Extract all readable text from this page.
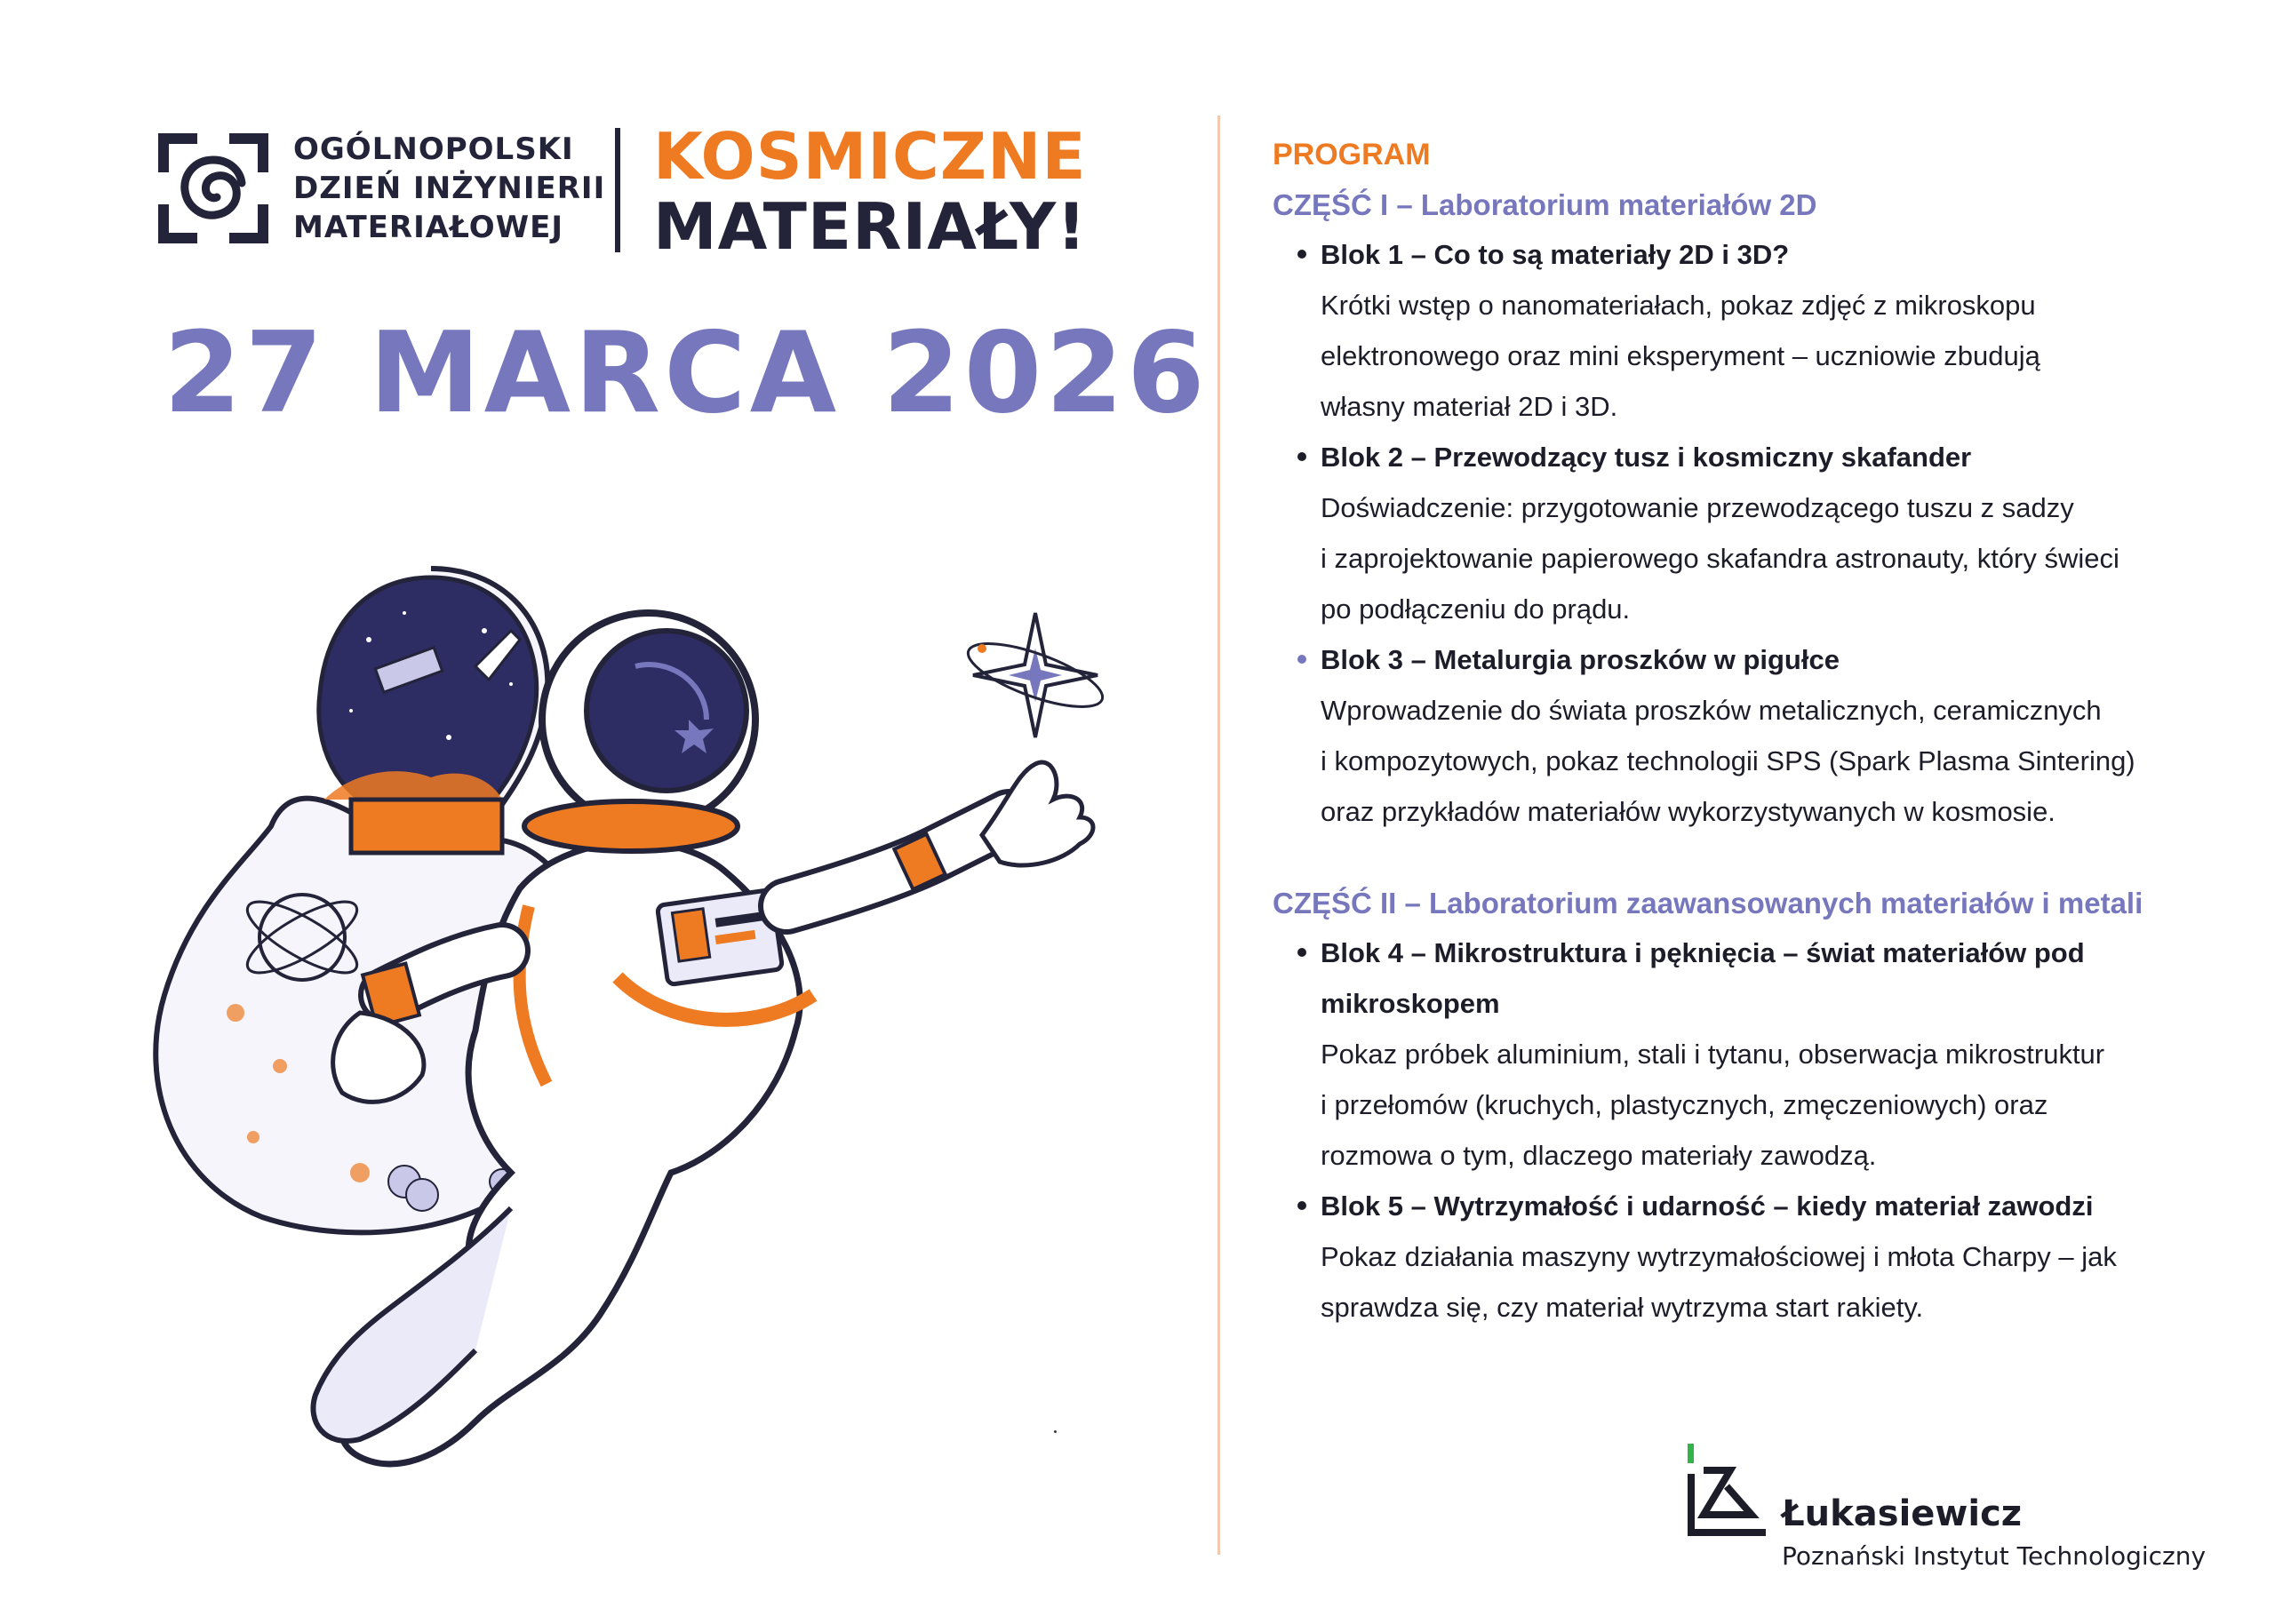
OGÓLNOPOLSKI
DZIEŃ INŻYNIERII
MATERIAŁOWEJ
KOSMICZNE
MATERIAŁY!
27 MARCA 2026
PROGRAM
CZĘŚĆ I – Laboratorium materiałów 2D
Blok 1 – Co to są materiały 2D i 3D?
Krótki wstęp o nanomateriałach, pokaz zdjęć z mikroskopu
elektronowego oraz mini eksperyment – uczniowie zbudują
własny materiał 2D i 3D.
Blok 2 – Przewodzący tusz i kosmiczny skafander
Doświadczenie: przygotowanie przewodzącego tuszu z sadzy
i zaprojektowanie papierowego skafandra astronauty, który świeci
po podłączeniu do prądu.
Blok 3 – Metalurgia proszków w pigułce
Wprowadzenie do świata proszków metalicznych, ceramicznych
i kompozytowych, pokaz technologii SPS (Spark Plasma Sintering)
oraz przykładów materiałów wykorzystywanych w kosmosie.
CZĘŚĆ II – Laboratorium zaawansowanych materiałów i metali
Blok 4 – Mikrostruktura i pęknięcia – świat materiałów pod
mikroskopem
Pokaz próbek aluminium, stali i tytanu, obserwacja mikrostruktur
i przełomów (kruchych, plastycznych, zmęczeniowych) oraz
rozmowa o tym, dlaczego materiały zawodzą.
Blok 5 – Wytrzymałość i udarność – kiedy materiał zawodzi
Pokaz działania maszyny wytrzymałościowej i młota Charpy – jak
sprawdza się, czy materiał wytrzyma start rakiety.
Łukasiewicz
Poznański Instytut Technologiczny
